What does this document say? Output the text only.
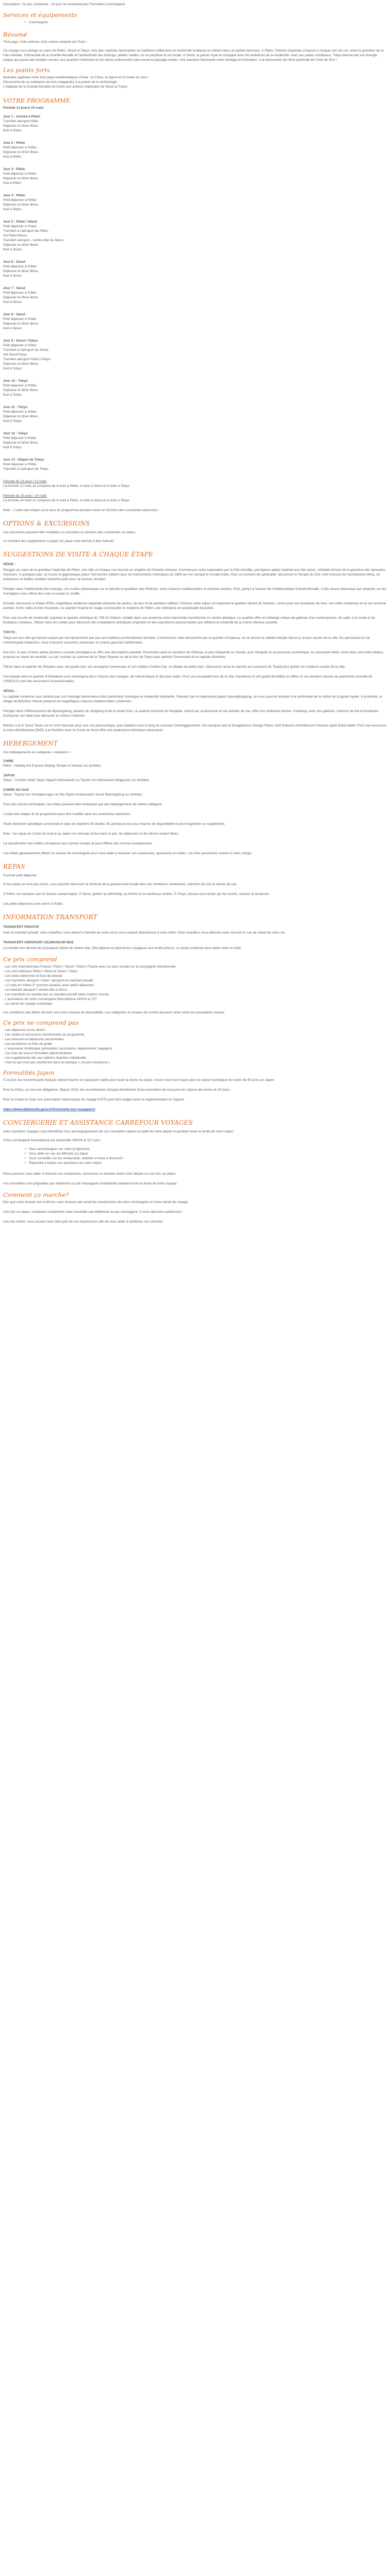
Description: Ce prix comprend : Ce prix ne comprend pas Formalités Conciergerie

Services et équipements
• Conciergerie
Résumé

Trois pays, trois cultures, trois visions uniques de l'Asie !

Ce voyage vous plonge au cœur de Pékin, Séoul et Tokyo, trois des capitales fascinantes où traditions millénaires et modernité éclatante se mêlent dans un parfait harmonie. À Pékin, l'histoire impériale s'impose à chaque coin de rue, entre la grandeur de la Cité Interdite, l'immensité de la Grande Muraille et l'authenticité des hutongs, petites ruelles, où se perpétue la vie locale. À Séoul, le passé royal se conjugue avec les ambitions de la modernité, avec ses palais somptueux. Tokyo étonne par son énergie unique qui passe des temples sereins aux quartiers futuristes où les néons redessinent sans cesse le paysage urbain. Une aventure fascinante entre héritage et innovation, à la découverte de l'âme profonde de l'Asie de l'Est !

Les points forts
Itinéraire captivant entre trois pays emblématiques d'Asie : la Chine, la Japon et la Corée du Sud !
Découverte de un ambiance de trois mégapoles à la pointe de la technologie
L'étapede de la Grande Muraille de Chine aux ambres impériales de Séoul et Tokyo
VOTRE PROGRAMME

Période 13 jours/ 10 nuits

Jour 1 : Arrivée à Pékin
Transfert aéroport hôtel.
Déjeuner et dîner libres.
Nuit à Pékin.
Jour 2 : Pékin
Petit déjeuner à l'hôtel.
Déjeuner et dîner libres.
Nuit à Pékin.
Jour 3 : Pékin
Petit déjeuner à l'hôtel.
Déjeuner et dîner libres.
Nuit à Pékin.
Jour 4 : Pékin
Petit déjeuner à l'hôtel.
Déjeuner et dîner libres.
Nuit à Pékin.
Jour 5 : Pékin / Séoul
Petit déjeuner à l'hôtel.
Transfert à l'aéroport de Pékin.
Vol Pékin/Séoul.
Transfert aéroport - centre-ville de Séoul.
Déjeuner et dîner libres.
Nuit à Séoul.
Jour 6 : Séoul
Petit déjeuner à l'hôtel.
Déjeuner et dîner libres.
Nuit à Séoul.
Jour 7 : Séoul
Petit déjeuner à l'hôtel.
Déjeuner et dîner libres.
Nuit à Séoul.
Jour 8 : Séoul
Petit déjeuner à l'hôtel.
Déjeuner et dîner libres.
Nuit à Séoul.
Jour 9 : Séoul / Tokyo
Petit déjeuner à l'hôtel.
Transfert à l'aéroport de Séoul.
Vol Séoul/Tokyo.
Transfert aéroport hôtel à Tokyo.
Déjeuner et dîner libres.
Nuit à Tokyo.
Jour 10 : Tokyo
Petit déjeuner à l'hôtel.
Déjeuner et dîner libres.
Nuit à Tokyo.
Jour 11 : Tokyo
Petit déjeuner à l'hôtel.
Déjeuner et dîner libres.
Nuit à Tokyo.
Jour 12 : Tokyo
Petit déjeuner à l'hôtel.
Déjeuner et dîner libres.
Nuit à Tokyo.
Jour 13 : Départ de Tokyo
Petit déjeuner à l'hôtel.
Transfert à l'aéroport de Tokyo.
Période de 13 jours / 12 nuits
La formule 12 nuits se compose de 4 nuits à Pékin, 4 nuits à Séoul et 4 nuits à Tokyo.
Période de 15 jours / 14 nuits
La formule 14 nuits se compose de 4 nuits à Pékin, 4 nuits à Séoul et 6 nuits à Tokyo.

Note : L'ordre des étapes et le sens du programme peuvent varier en fonction des contraintes aériennes.

OPTIONS & EXCURSIONS

Les excursions peuvent être modifiées ou annulées en fonction des contraintes sur place.

Le montant des suppléments à payer sur place sont donnés à titre indicatif.

SUGGESTIONS DE VISITE À CHAQUE ÉTAPE

PÉKIN :

Plongez au cœur de la grandeur impériale de Pékin, une ville où chaque rue raconte un chapitre de l'histoire chinoise. Commencez votre exploration par la Cité Interdite, prestigieux palais impérial aux toits dorés, véritable témoin de la grandeur des dynasties chinoises. À quelques pas, se trouve la gigantesque place Tian'anmen célèbre pour les événements historiques de 1989 qui ont marqué le monde entier. Pour un moment de spiritualité, découvrez le Temple du Ciel, chef d'œuvre de l'architecture Ming, où empereurs et fidèles venaient autrefois prier pour de bonnes récoltes.

Plongez dans l'authenticité des hutongs, ces ruelles pittoresques où se dévoile le quotidien des Pékinois, entre maisons traditionnelles et marchés animés. Puis, partez à l'assaut de l'emblématique Grande Muraille. Cette œuvre titanesque qui serpente sur les montagnes vous offrira des vues à couper le souffle.

Ensuite, découvrez le Palais d'Été, magnifique résidence impériale entourée de jardins, de lacs et de pavillons raffinés. Finissez votre séjour en explorant le quartier vibrant de Sanlitun, connu pour ses boutiques de luxe, ses cafés modernes et sa vie nocturne animée. Entre cafés et bars branchés, ce quartier incarne le visage cosmopolite et moderne de Pékin, une métropole en perpétuelle évolution.

Pour une touche de modernité, explorez le quartier artistique du 798 Art District, installé dans une ancienne zone industrielle transformée en centre artistique. Le quartier offre un mélange unique de galeries d'art contemporain, de cafés à la mode et de boutiques créatives. Flânez dans les ruelles pour découvrir des installations artistiques originales et des expositions passionnantes qui reflètent la créativité de la scène chinoise actuelle.

TOKYO :

Tokyo est une ville qui fascine autant par son dynamisme que par ses traditions profondément ancrées. Commencez votre découverte par le quartier d'Asakusa, où se dresse le célèbre temple Senso-ji, le plus ancien de la ville. En parcourant la rue commerçante Nakamise, vous trouverez souvenirs artisanaux et snacks japonais traditionnels.

Non loin, le parc d'Ueno abrite plusieurs musées prestigieux et offre une atmosphère paisible. Poursuivez avec le carrefour de Shibuya, le plus fréquenté au monde, puis Harajuku et sa jeunesse excentrique. Le sanctuaire Meiji, niché dans une forêt urbaine, propose un havre de sérénité. Le soir, montez au sommet de la Tokyo Skytree ou de la tour de Tokyo pour admirer l'immensité de la capitale illuminée.

Flânez dans le quartier de Shinjuku avec ses gratte-ciel, ses enseignes lumineuses et son célèbre Golden Gai, un dédale de petits bars. Découvrez aussi le marché aux poissons de Tsukiji pour goûter les meilleurs sushis de la ville.

Une balade dans le quartier d'Akihabara vous immergera dans l'univers des mangas, de l'électronique et des jeux vidéo. Pour une escapade hors de la ville, Kamakura et son grand Bouddha ou Nikko et ses temples classés au patrimoine mondial de l'UNESCO sont des excursions incontournables.

SÉOUL :

La capitale coréenne vous séduira par son mélange harmonieux entre patrimoine historique et modernité trépidante. Débutez par le majestueux palais Gyeongbokgung, où vous pourrez assister à la cérémonie de la relève de la garde royale. À proximité, le village de Bukchon Hanok préserve de magnifiques maisons traditionnelles coréennes.

Plongez dans l'effervescence de Myeongdong, paradis du shopping et de la street food. Le quartier branché de Hongdae, animé par sa jeunesse et ses artistes de rue, offre une ambiance festive. Insadong, avec ses galeries, maisons de thé et boutiques d'artisanat, est idéal pour découvrir la culture coréenne.

Montez à la N Seoul Tower sur le mont Namsan pour une vue panoramique, puis baladez-vous le long du ruisseau Cheonggyecheon. Ne manquez pas le Dongdaemun Design Plaza, chef-d'œuvre d'architecture futuriste signé Zaha Hadid. Pour une excursion, la zone démilitarisée (DMZ) à la frontière avec la Corée du Nord offre une expérience historique saisissante.

HEBERGEMENT

Vos hébergements en catégorie « standard » :

CHINE
Pékin : Holiday Inn Express Beijing Temple of Heaven ou similaire
JAPON
Tokyo : Comfort Hotel Tokyo Higashi Nihonbashi ou Toyoko Inn Nihonbashi Ningyocho ou similaire
CORÉE DU SUD
Séoul : Toyoko Inn Yeongdeungpo ou Ibis Styles Ambassador Seoul Myeongdong ou similaire

Pour des raisons techniques, les hôtels peuvent être remplacés par des hébergements de même catégorie.

L'ordre des étapes et du programme peut être modifié selon les contraintes aériennes.

Toute demande spécifique concernant le type de chambre (lit double, lits jumeaux) est sous réserve de disponibilité et peut engendrer un supplément.

Note : les repas en Corée du Sud et au Japon ne sont pas inclus dans le prix, les déjeuners et les dîners restent libres.

La classification des hôtels correspond aux normes locales et peut différer des normes européennes.

Les hôtels généralement offrent un service de conciergerie pour vous aider à réserver vos restaurants, spectacles et visites. Les frais personnels restent à votre charge.

REPAS

Formule petit déjeuner :

Si les repas ne sont pas inclus, vous pourrez découvrir la richesse de la gastronomie locale dans les nombreux restaurants, marchés de nuit et stands de rue.

À Pékin, ne manquez pas le fameux canard laqué. À Séoul, goûtez au bibimbap, au kimchi et au barbecue coréen. À Tokyo, laissez-vous tenter par les sushis, ramens et tempuras.

Les petits déjeuners sont servis à l'hôtel.

INFORMATION TRANSPORT

TRANSFERT PRIVATIF

Avec le transfert privatif, votre chauffeur vous attend à l'arrivée de votre vol et vous conduit directement à votre hôtel. Votre chauffeur vous attendra sans surcoût en cas de retard de votre vol.

TRANSFERT AÉROPORT KILIMANOUR BUS

La navette bus dessert les principaux hôtels du centre-ville. Elle dépose et reprend les voyageurs aux arrêts prévus. Le temps d'attente peut varier selon le trafic.

Ce prix comprend
- Les vols internationaux France / Pékin / Séoul / Tokyo / France avec ou sans escale sur la compagnie sélectionnée
- Les vols intérieurs Pékin / Séoul et Séoul / Tokyo
- Les taxes aériennes et frais de dossier
- Les transferts aéroport / hôtel / aéroport en transfert privatif
- 12 nuits en hôtels 3* (normes locales) avec petits déjeuners
- Le transfert aéroport / centre-ville à Séoul
- Les transferts en navette bus ou transfert privatif selon l'option choisie
- L'assistance de notre conciergerie francophone 24h/24 et 7j/7
- Le carnet de voyage numérique

Les conditions des billets de train sont sous réserve de disponibilité. Les catégories et niveaux de confort peuvent varier selon les prestataires locaux.

Ce prix ne comprend pas
- Les déjeuners et les dîners
- Les visites et excursions mentionnées au programme
- Les boissons et dépenses personnelles
- Les pourboires et frais de guide
- L'assurance multirisque (annulation, assistance, rapatriement, bagages)
- Les frais de visa et formalités administratives
- Les suppléments liés aux options chambre individuelle
- Tout ce qui n'est pas mentionné dans la rubrique « Ce prix comprend »
Formalités Japon

À ce jour, les ressortissants français doivent fournir un passeport valide pour toute la durée du séjour. Aucun visa n'est requis pour un séjour touristique de moins de 90 jours au Japon.

Pour la Chine, un visa est obligatoire. Depuis 2024, les ressortissants français bénéficient d'une exemption de visa pour les séjours de moins de 30 jours.

Pour la Corée du Sud, une autorisation électronique de voyage K-ETA peut être exigée selon la réglementation en vigueur.

https://www.diplomatie.gouv.fr/fr/conseils-aux-voyageurs/

CONCIERGERIE ET ASSISTANCE CARREFOUR VOYAGES

Avec Carrefour Voyages vous bénéficiez d'un accompagnement de vos conseillers depuis la veille de votre départ et pendant toute la durée de votre séjour.

Votre conciergerie francophone est disponible 24h/24 et 7j/7 pour :

• Vous accompagner sur votre programme
• Vous aider en cas de difficulté sur place
• Vous conseiller sur les restaurants, activités et lieux à découvrir
• Répondre à toutes vos questions sur votre séjour

Nous pouvons vous aider à réserver vos restaurants, excursions et activités avant votre départ ou une fois sur place.

Vos conseillers sont joignables par téléphone ou par messagerie instantanée pendant toute la durée de votre voyage.

Comment ça marche?

Dès que votre dossier est confirmé, vous recevez par email les coordonnées de votre conciergerie et votre carnet de voyage.

Une fois sur place, contactez simplement votre conseiller par téléphone ou par messagerie, il vous répondra rapidement.

Une fois rentré, vous pouvez nous faire part de vos impressions afin de nous aider à améliorer nos services.
